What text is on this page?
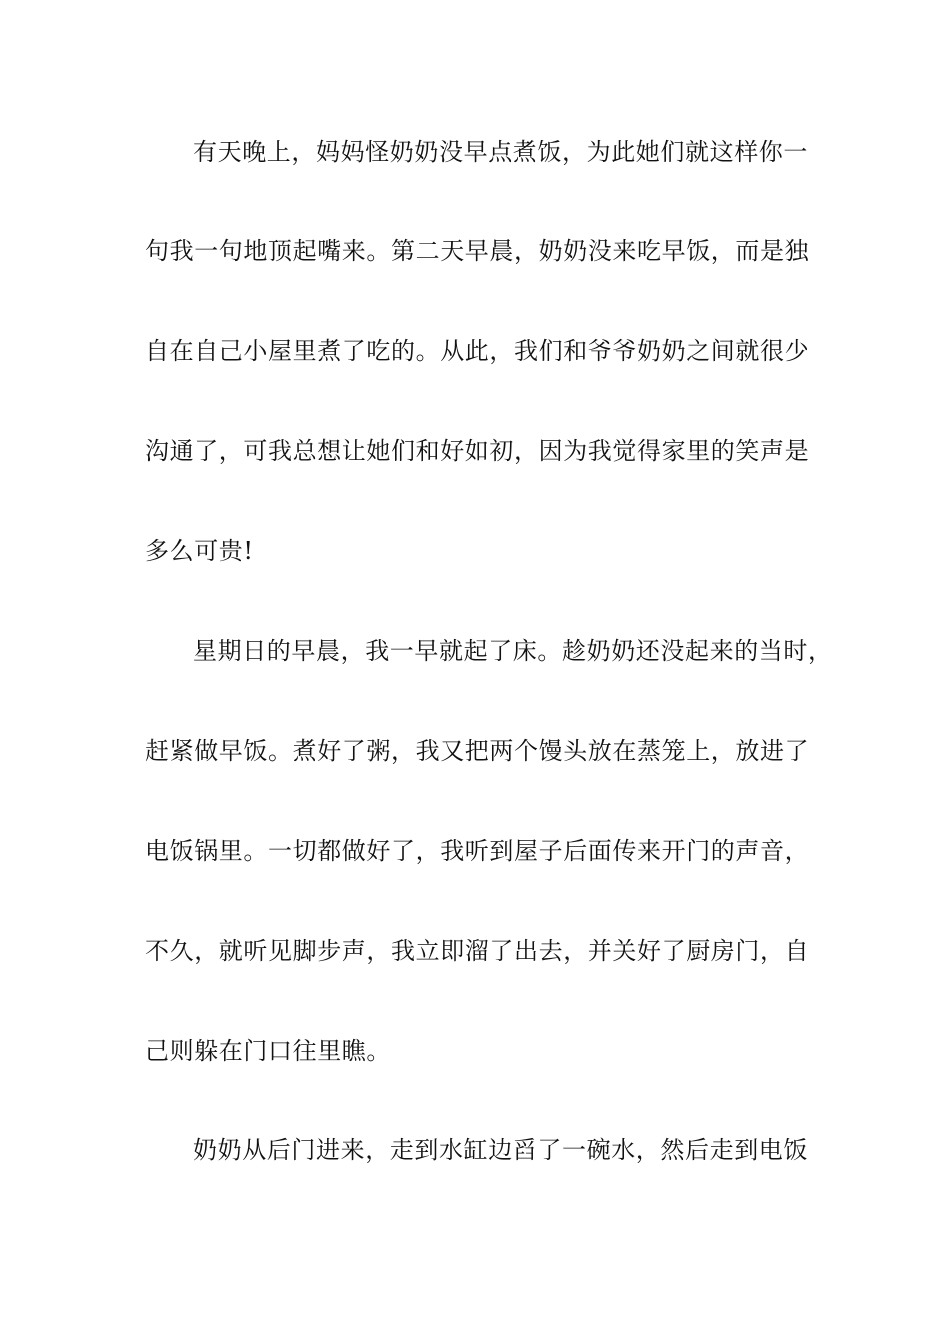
有天晚上，妈妈怪奶奶没早点煮饭，为此她们就这样你一
句我一句地顶起嘴来。第二天早晨，奶奶没来吃早饭，而是独
自在自己小屋里煮了吃的。从此，我们和爷爷奶奶之间就很少
沟通了，可我总想让她们和好如初，因为我觉得家里的笑声是
多么可贵!
星期日的早晨，我一早就起了床。趁奶奶还没起来的当时，
赶紧做早饭。煮好了粥，我又把两个馒头放在蒸笼上，放进了
电饭锅里。一切都做好了，我听到屋子后面传来开门的声音，
不久，就听见脚步声，我立即溜了出去，并关好了厨房门，自
己则躲在门口往里瞧。
奶奶从后门进来，走到水缸边舀了一碗水，然后走到电饭
